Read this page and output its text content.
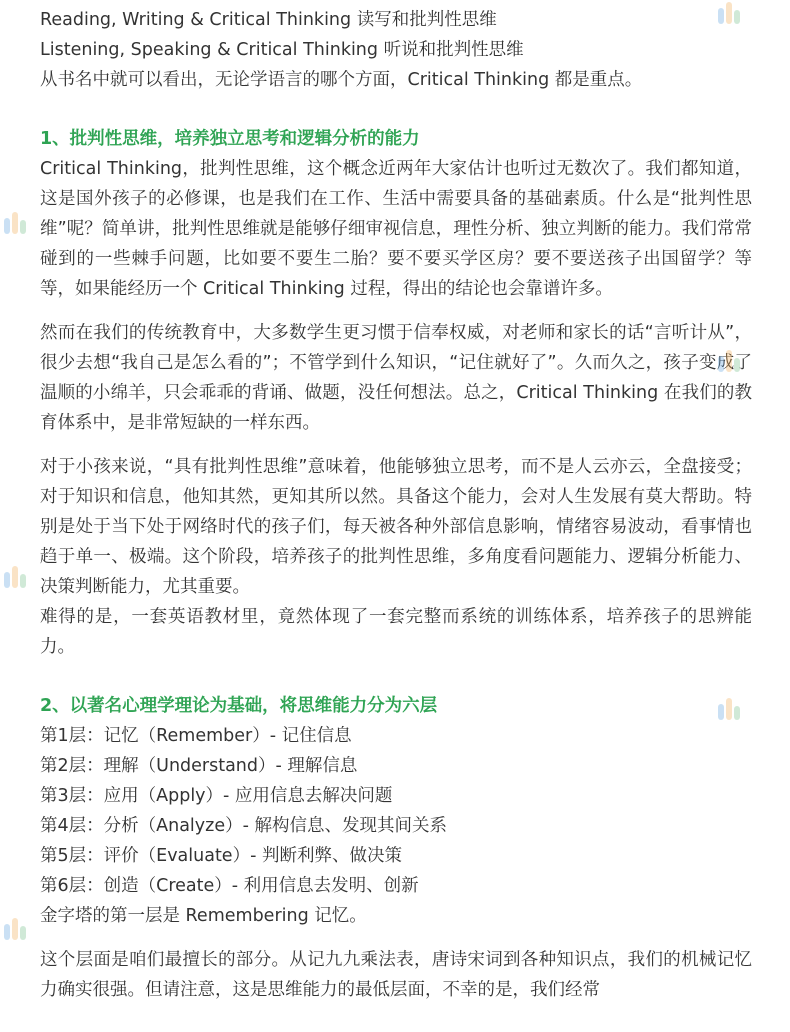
Reading, Writing & Critical Thinking 读写和批判性思维
Listening, Speaking & Critical Thinking 听说和批判性思维
从书名中就可以看出，无论学语言的哪个方面，Critical Thinking 都是重点。
1、批判性思维，培养独立思考和逻辑分析的能力
Critical Thinking，批判性思维，这个概念近两年大家估计也听过无数次了。我们都知道，这是国外孩子的必修课，也是我们在工作、生活中需要具备的基础素质。什么是“批判性思维”呢？简单讲，批判性思维就是能够仔细审视信息，理性分析、独立判断的能力。我们常常碰到的一些棘手问题，比如要不要生二胎？要不要买学区房？要不要送孩子出国留学？等等，如果能经历一个 Critical Thinking 过程，得出的结论也会靠谱许多。
然而在我们的传统教育中，大多数学生更习惯于信奉权威，对老师和家长的话“言听计从”，很少去想“我自己是怎么看的”；不管学到什么知识，“记住就好了”。久而久之，孩子变成了温顺的小绵羊，只会乖乖的背诵、做题，没任何想法。总之，Critical Thinking 在我们的教育体系中，是非常短缺的一样东西。
对于小孩来说，“具有批判性思维”意味着，他能够独立思考，而不是人云亦云，全盘接受；对于知识和信息，他知其然，更知其所以然。具备这个能力，会对人生发展有莫大帮助。特别是处于当下处于网络时代的孩子们，每天被各种外部信息影响，情绪容易波动，看事情也趋于单一、极端。这个阶段，培养孩子的批判性思维，多角度看问题能力、逻辑分析能力、决策判断能力，尤其重要。
难得的是，一套英语教材里，竟然体现了一套完整而系统的训练体系，培养孩子的思辨能力。
2、以著名心理学理论为基础，将思维能力分为六层
第1层：记忆（Remember）- 记住信息
第2层：理解（Understand）- 理解信息
第3层：应用（Apply）- 应用信息去解决问题
第4层：分析（Analyze）- 解构信息、发现其间关系
第5层：评价（Evaluate）- 判断利弊、做决策
第6层：创造（Create）- 利用信息去发明、创新
金字塔的第一层是 Remembering 记忆。
这个层面是咱们最擅长的部分。从记九九乘法表，唐诗宋词到各种知识点，我们的机械记忆力确实很强。但请注意，这是思维能力的最低层面，不幸的是，我们经常
